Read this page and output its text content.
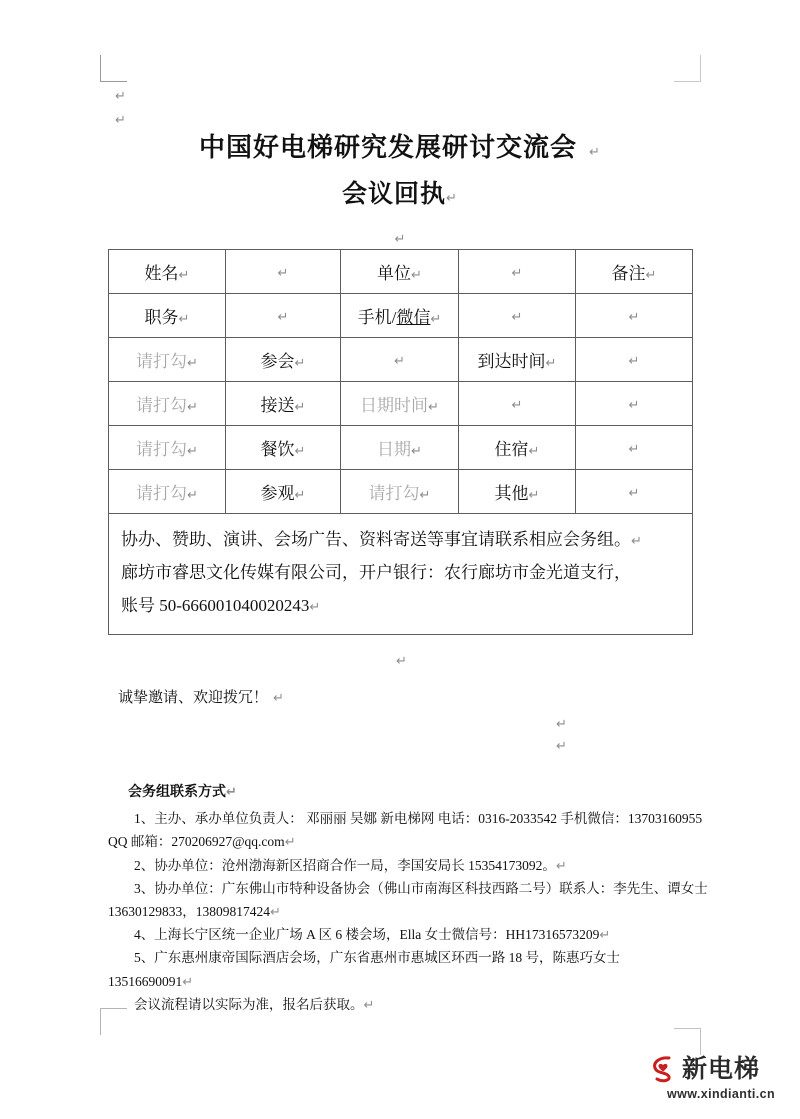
↵
↵
中国好电梯研究发展研讨交流会 ↵
会议回执↵
↵
姓名↵	↵	单位↵	↵	备注↵
职务↵	↵	手机/微信↵	↵	↵
请打勾↵	参会↵	↵	到达时间↵	↵
请打勾↵	接送↵	日期时间↵	↵	↵
请打勾↵	餐饮↵	日期↵	住宿↵	↵
请打勾↵	参观↵	请打勾↵	其他↵	↵

协办、赞助、演讲、会场广告、资料寄送等事宜请联系相应会务组。↵
廊坊市睿思文化传媒有限公司，开户银行：农行廊坊市金光道支行，
账号 50-666001040020243↵				
↵
诚挚邀请、欢迎拨冗！ ↵
↵
↵
会务组联系方式↵

1、主办、承办单位负责人： 邓丽丽 吴娜 新电梯网 电话：0316-2033542 手机微信：13703160955 QQ 邮箱：270206927@qq.com↵

2、协办单位：沧州渤海新区招商合作一局，李国安局长 15354173092。↵

3、协办单位：广东佛山市特种设备协会（佛山市南海区科技西路二号）联系人：李先生、谭女士 13630129833，13809817424↵

4、上海长宁区统一企业广场 A 区 6 楼会场，Ella 女士微信号：HH17316573209↵

5、广东惠州康帝国际酒店会场，广东省惠州市惠城区环西一路 18 号，陈惠巧女士 13516690091↵

会议流程请以实际为准，报名后获取。↵

新电梯
www.xindianti.cn
